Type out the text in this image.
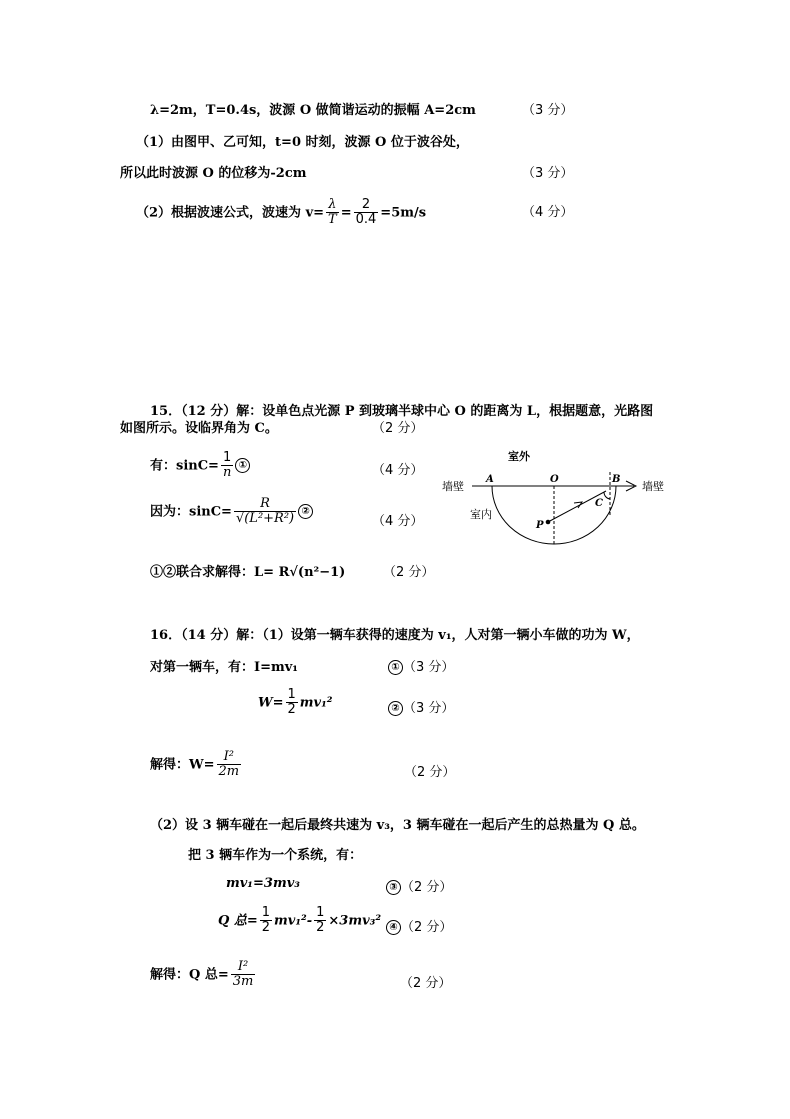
λ=2m，T=0.4s，波源 O 做简谐运动的振幅 A=2cm	（3 分）
（1）由图甲、乙可知，t=0 时刻，波源 O 位于波谷处，
所以此时波源 O 的位移为-2cm	（3 分）
（2）根据波速公式，波速为 $v= \frac{\lambda}{T} = \frac{2}{0.4} =5m/s$	（4 分）
15．（12 分）解：设单色点光源 P 到玻璃半球中心 O 的距离为 L，根据题意，光路图
如图所示。设临界角为 C。	（2 分）
有：$\sin C= \frac{1}{n}$ ①	（4 分）
因为：$\sin C= \frac{R}{\text{√(L²+R²)}}$ ②
（4 分）
①②联合求解得：L= R√(n²−1)	（2 分）
室外
墙壁	墙壁
A	O	B
C
P
室内
16．（14 分）解：（1）设第一辆车获得的速度为 v₁，人对第一辆小车做的功为 W，
对第一辆车，有：I=mv₁	① （3 分）
$W= \frac{1}{2} mv_1^2$	② （3 分）
解得：$W= \frac{\text{I²}}{2m}$	（2 分）
（2）设 3 辆车碰在一起后最终共速为 v₃，3 辆车碰在一起后产生的总热量为 Q 总。
把 3 辆车作为一个系统，有：
mv₁=3mv₃	③ （2 分）
Q 总= $\frac{1}{2} mv_1^2- \frac{1}{2} \times 3mv_3^2$ ④ （2 分）
解得：Q 总= $\frac{\text{I²}}{3m}$	（2 分）
